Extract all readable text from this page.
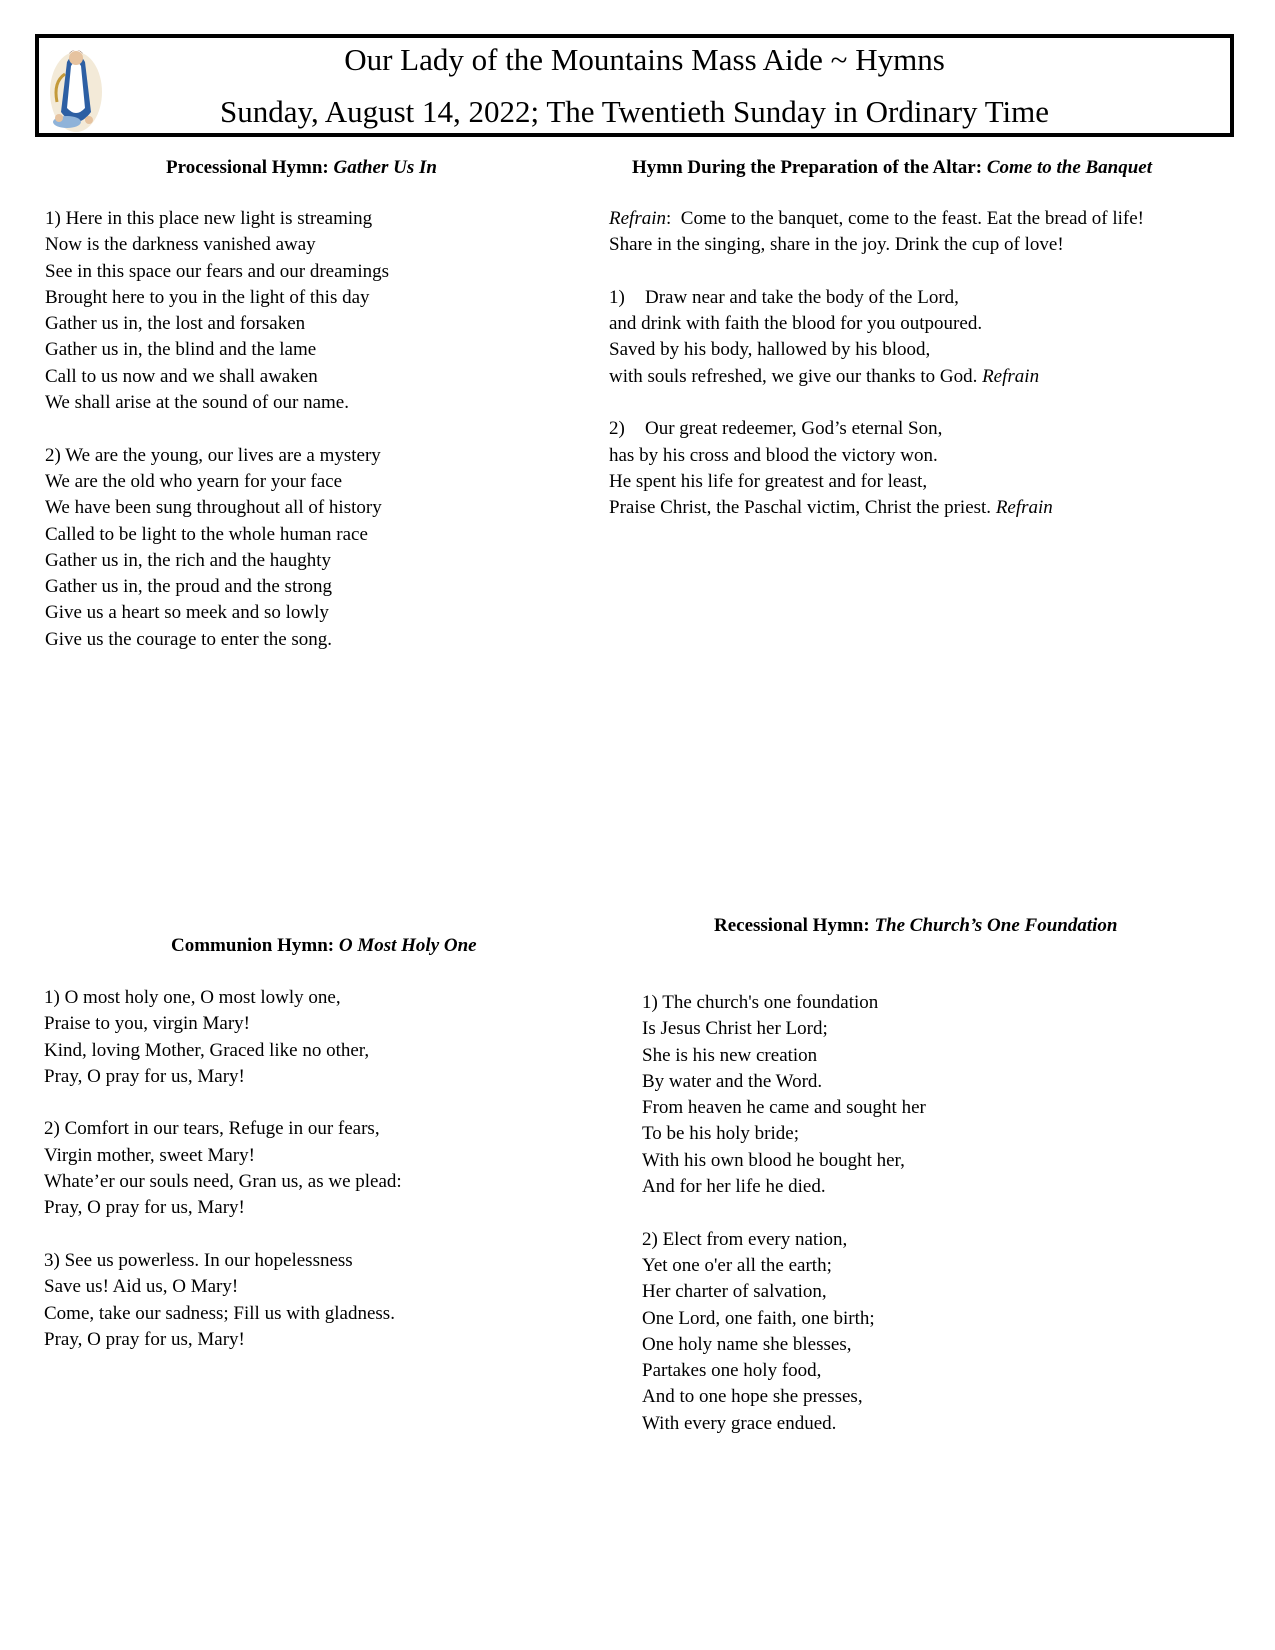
Our Lady of the Mountains Mass Aide ~ Hymns
Sunday, August 14, 2022; The Twentieth Sunday in Ordinary Time
Processional Hymn: Gather Us In
1) Here in this place new light is streaming
Now is the darkness vanished away
See in this space our fears and our dreamings
Brought here to you in the light of this day
Gather us in, the lost and forsaken
Gather us in, the blind and the lame
Call to us now and we shall awaken
We shall arise at the sound of our name.
2) We are the young, our lives are a mystery
We are the old who yearn for your face
We have been sung throughout all of history
Called to be light to the whole human race
Gather us in, the rich and the haughty
Gather us in, the proud and the strong
Give us a heart so meek and so lowly
Give us the courage to enter the song.
Hymn During the Preparation of the Altar: Come to the Banquet
Refrain: Come to the banquet, come to the feast. Eat the bread of life!
Share in the singing, share in the joy. Drink the cup of love!
1) Draw near and take the body of the Lord,
and drink with faith the blood for you outpoured.
Saved by his body, hallowed by his blood,
with souls refreshed, we give our thanks to God. Refrain
2) Our great redeemer, God’s eternal Son,
has by his cross and blood the victory won.
He spent his life for greatest and for least,
Praise Christ, the Paschal victim, Christ the priest. Refrain
Communion Hymn: O Most Holy One
1) O most holy one, O most lowly one,
Praise to you, virgin Mary!
Kind, loving Mother, Graced like no other,
Pray, O pray for us, Mary!
2) Comfort in our tears, Refuge in our fears,
Virgin mother, sweet Mary!
Whate’er our souls need, Gran us, as we plead:
Pray, O pray for us, Mary!
3) See us powerless. In our hopelessness
Save us! Aid us, O Mary!
Come, take our sadness; Fill us with gladness.
Pray, O pray for us, Mary!
Recessional Hymn: The Church’s One Foundation
1) The church's one foundation
Is Jesus Christ her Lord;
She is his new creation
By water and the Word.
From heaven he came and sought her
To be his holy bride;
With his own blood he bought her,
And for her life he died.
2) Elect from every nation,
Yet one o'er all the earth;
Her charter of salvation,
One Lord, one faith, one birth;
One holy name she blesses,
Partakes one holy food,
And to one hope she presses,
With every grace endued.
